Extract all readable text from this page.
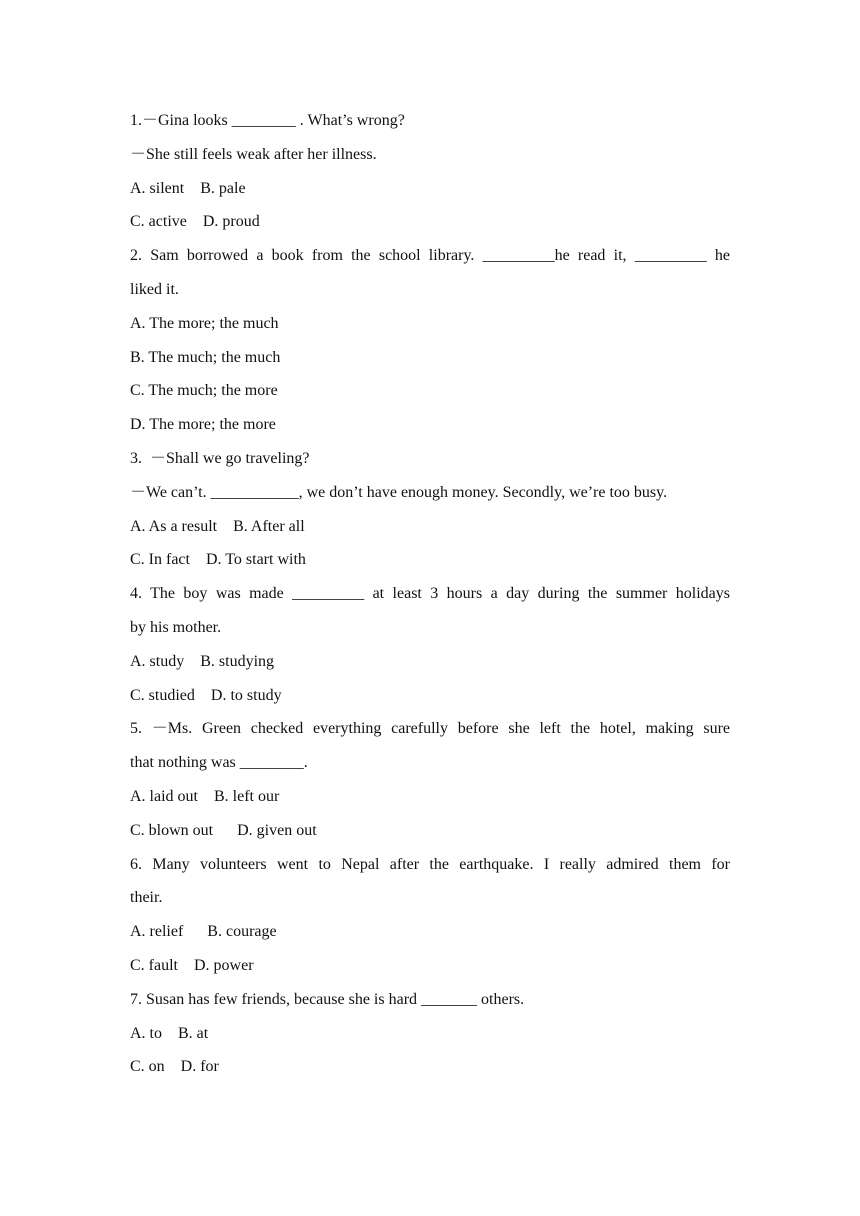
1.－Gina looks ________ . What’s wrong?

－She still feels weak after her illness.

A. silent    B. pale

C. active    D. proud

2. Sam borrowed a book from the school library. _________he read it, _________ he

liked it.

A. The more; the much

B. The much; the much

C. The much; the more

D. The more; the more

3.  －Shall we go traveling?

－We can’t. ___________, we don’t have enough money. Secondly, we’re too busy.

A. As a result    B. After all

C. In fact    D. To start with

4. The boy was made _________ at least 3 hours a day during the summer holidays

by his mother.

A. study    B. studying

C. studied    D. to study

5. －Ms. Green checked everything carefully before she left the hotel, making sure

that nothing was ________.

A. laid out    B. left our

C. blown out      D. given out

6. Many volunteers went to Nepal after the earthquake. I really admired them for

their.

A. relief      B. courage

C. fault    D. power

7. Susan has few friends, because she is hard _______ others.

A. to    B. at

C. on    D. for
